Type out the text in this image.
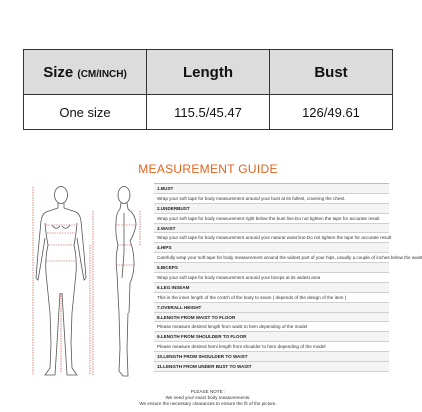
Size (CM/INCH)	Length	Bust
One size	115.5/45.47	126/49.61
MEASUREMENT GUIDE
1.BUST
Wrap your soft tape for body measurement around your bust at its fullest, covering the chest.
2.UNDERBUST
Wrap your soft tape for body measurement right below the bust line.Do not tighten the tape for accurate result
3.WAIST
Wrap your soft tape for body measurement around your natural waist line.Do not tighten the tape for accurate result
4.HIPS
Carefully wrap your soft tape for body measurement around the widest part of your hips, usually a couple of inches below the waist
5.BICEPS
Wrap your soft tape for body measurement around your biceps at its widest area
6.LEG INSEAM
This is the inner length of the crotch of the body to seam ( depends of the design of the item )
7.OVERALL HEIGHT
8.LENGTH FROM WAIST TO FLOOR
Please measure desired length from waist to hem depending of the model
9.LENGTH FROM SHOULDER TO FLOOR
Please measure desired hemi length from shoulder to hem depending of the model
10.LENGTH FROM SHOULDER TO WAIST
11.LENGTH FROM UNDER BUST TO WAIST
PLEASE NOTE :
We need your exact body measurements.
We ensure the necessary clearances to ensure the fit of the picture.
